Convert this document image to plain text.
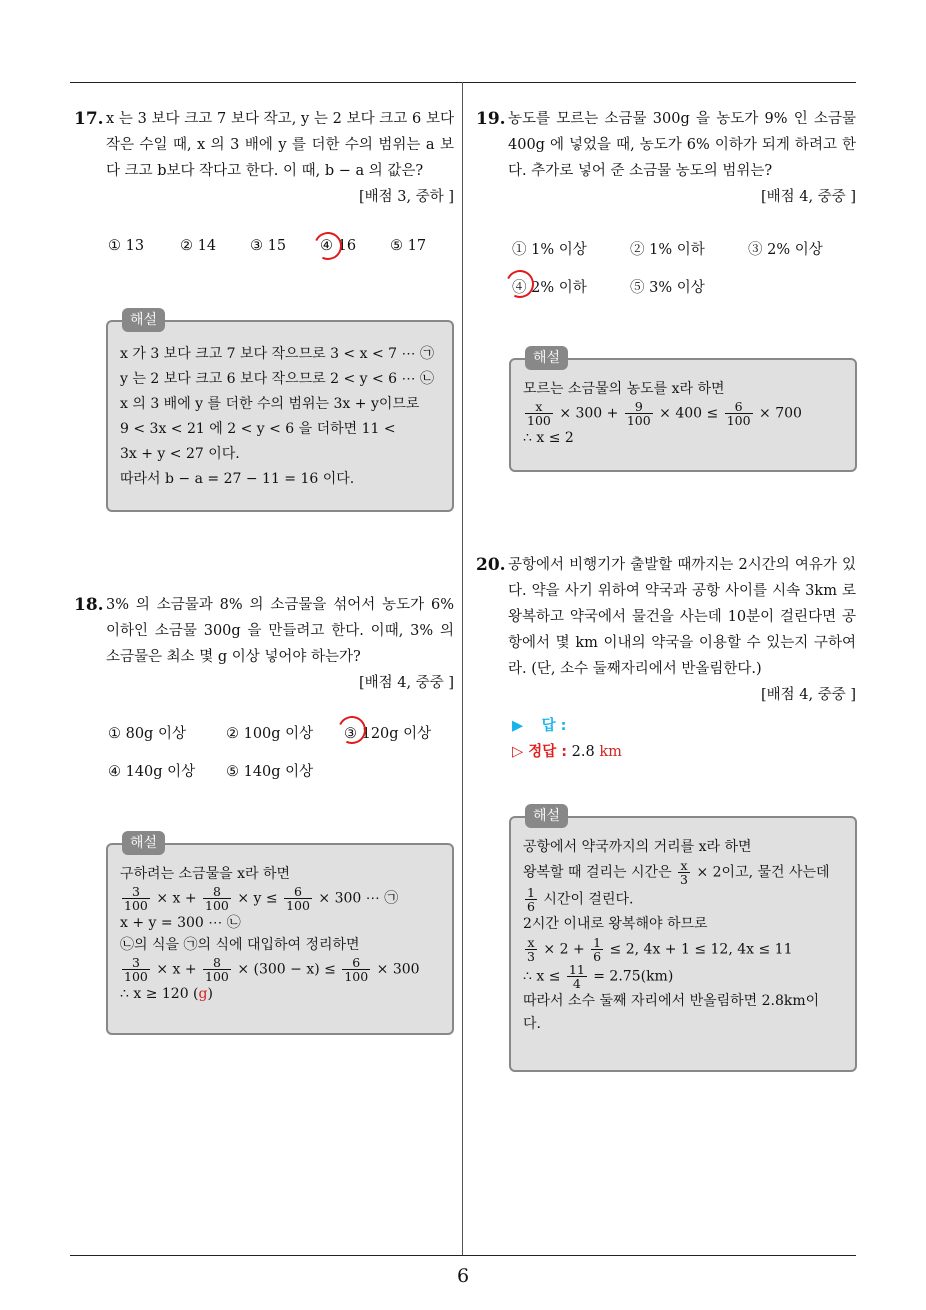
6
17. x 는 3 보다 크고 7 보다 작고, y 는 2 보다 크고 6 보다 작은 수일 때, x 의 3 배에 y 를 더한 수의 범위는 a 보다 크고 b보다 작다고 한다. 이 때, b − a 의 값은?
[배점 3, 중하 ]
① 13 ② 14 ③ 15 ④ 16 ⑤ 17
해설
x 가 3 보다 크고 7 보다 작으므로 3 < x < 7 ⋯ ㉠
y 는 2 보다 크고 6 보다 작으므로 2 < y < 6 ⋯ ㉡
x 의 3 배에 y 를 더한 수의 범위는 3x + y이므로
9 < 3x < 21 에 2 < y < 6 을 더하면 11 <
3x + y < 27 이다.
따라서 b − a = 27 − 11 = 16 이다.
18. 3% 의 소금물과 8% 의 소금물을 섞어서 농도가 6% 이하인 소금물 300g 을 만들려고 한다. 이때, 3% 의 소금물은 최소 몇 g 이상 넣어야 하는가?
[배점 4, 중중 ]
① 80g 이상	② 100g 이상 ③ 120g 이상
④ 140g 이상 ⑤ 140g 이상
해설
구하려는 소금물을 x라 하면
$\frac{3}{100} \times x + \frac{8}{100} \times y \le \frac{6}{100} \times 300$ ⋯ ㉠
x + y = 300 ⋯ ㉡
㉡의 식을 ㉠의 식에 대입하여 정리하면
$\frac{3}{100} \times x + \frac{8}{100} \times (300 - x) \le \frac{6}{100} \times 300$
∴ x ≥ 120 (g)
19. 농도를 모르는 소금물 300g 을 농도가 9% 인 소금물 400g 에 넣었을 때, 농도가 6% 이하가 되게 하려고 한다. 추가로 넣어 준 소금물 농도의 범위는?
[배점 4, 중중 ]
① 1% 이상	② 1% 이하	③ 2% 이상
④ 2% 이하	⑤ 3% 이상
해설
모르는 소금물의 농도를 x라 하면
$\frac{x}{100} \times 300 + \frac{9}{100} \times 400 \le \frac{6}{100} \times 700$
∴ x ≤ 2
20. 공항에서 비행기가 출발할 때까지는 2시간의 여유가 있다. 약을 사기 위하여 약국과 공항 사이를 시속 3km 로 왕복하고 약국에서 물건을 사는데 10분이 걸린다면 공항에서 몇 km 이내의 약국을 이용할 수 있는지 구하여라. (단, 소수 둘째자리에서 반올림한다.)
[배점 4, 중중 ]
▶ 답 :
▷ 정답 : 2.8 km
해설
공항에서 약국까지의 거리를 x라 하면
왕복할 때 걸리는 시간은 $\frac{x}{3} \times 2$이고, 물건 사는데
$\frac{1}{6}$ 시간이 걸린다.
2시간 이내로 왕복해야 하므로
$\frac{x}{3} \times 2 + \frac{1}{6} \le 2$, 4x + 1 ≤ 12, 4x ≤ 11
∴ $x \le \frac{11}{4} = 2.75(km)$
따라서 소수 둘째 자리에서 반올림하면 2.8km이
다.
